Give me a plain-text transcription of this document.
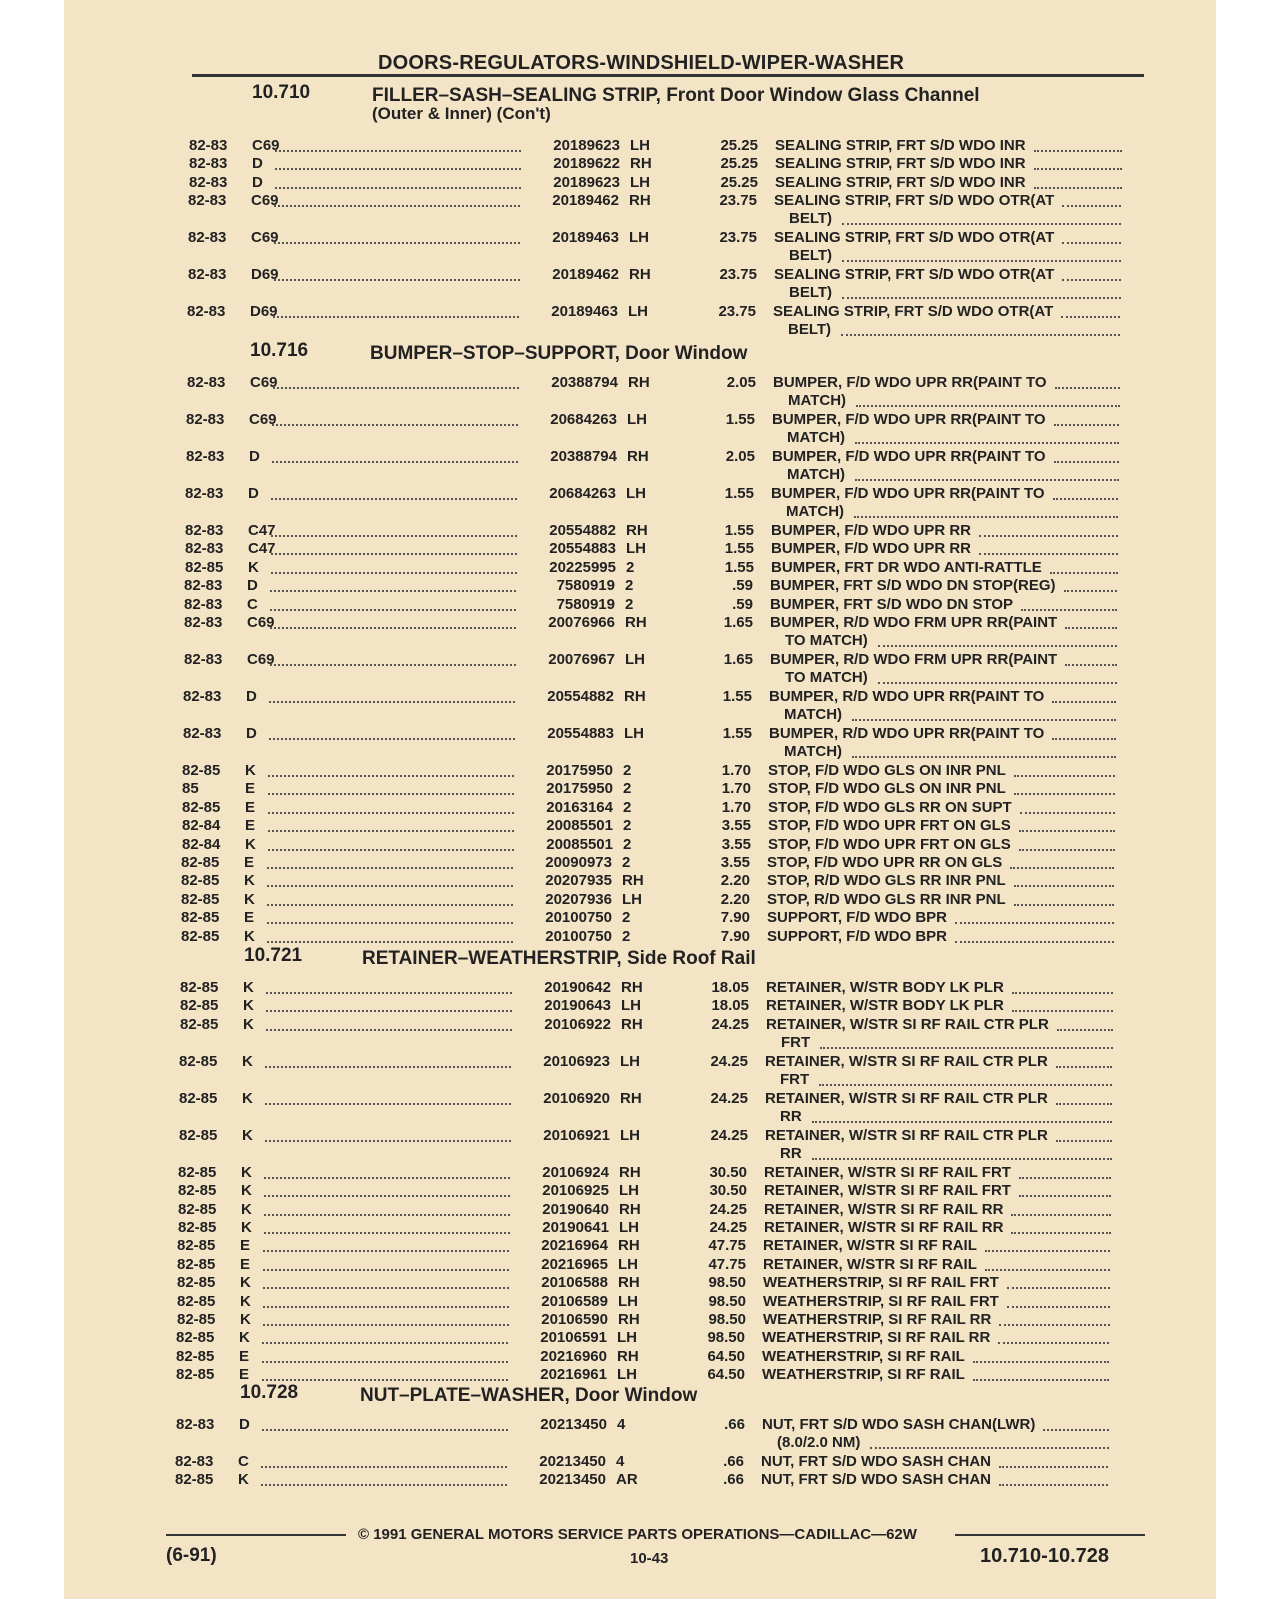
DOORS-REGULATORS-WINDSHIELD-WIPER-WASHER
10.710	FILLER–SASH–SEALING STRIP, Front Door Window Glass Channel
(Outer & Inner) (Con't)
10.716	BUMPER–STOP–SUPPORT, Door Window
10.721	RETAINER–WEATHERSTRIP, Side Roof Rail
10.728	NUT–PLATE–WASHER, Door Window
82-83 C69	20189623 LH	25.25 SEALING STRIP, FRT S/D WDO INR
82-83 D	20189622 RH	25.25 SEALING STRIP, FRT S/D WDO INR
82-83 D	20189623 LH	25.25 SEALING STRIP, FRT S/D WDO INR
82-83 C69	20189462 RH	23.75 SEALING STRIP, FRT S/D WDO OTR(AT
BELT)
82-83 C69	20189463 LH	23.75 SEALING STRIP, FRT S/D WDO OTR(AT
BELT)
82-83 D69	20189462 RH	23.75 SEALING STRIP, FRT S/D WDO OTR(AT
BELT)
82-83 D69	20189463 LH	23.75 SEALING STRIP, FRT S/D WDO OTR(AT
BELT)
82-83 C69	20388794 RH	2.05 BUMPER, F/D WDO UPR RR(PAINT TO
MATCH)
82-83 C69	20684263 LH	1.55 BUMPER, F/D WDO UPR RR(PAINT TO
MATCH)
82-83 D	20388794 RH	2.05 BUMPER, F/D WDO UPR RR(PAINT TO
MATCH)
82-83 D	20684263 LH	1.55 BUMPER, F/D WDO UPR RR(PAINT TO
MATCH)
82-83 C47	20554882 RH	1.55 BUMPER, F/D WDO UPR RR
82-83 C47	20554883 LH	1.55 BUMPER, F/D WDO UPR RR
82-85 K	20225995 2	1.55 BUMPER, FRT DR WDO ANTI-RATTLE
82-83 D	7580919 2	.59 BUMPER, FRT S/D WDO DN STOP(REG)
82-83 C	7580919 2	.59 BUMPER, FRT S/D WDO DN STOP
82-83 C69	20076966 RH	1.65 BUMPER, R/D WDO FRM UPR RR(PAINT
TO MATCH)
82-83 C69	20076967 LH	1.65 BUMPER, R/D WDO FRM UPR RR(PAINT
TO MATCH)
82-83 D	20554882 RH	1.55 BUMPER, R/D WDO UPR RR(PAINT TO
MATCH)
82-83 D	20554883 LH	1.55 BUMPER, R/D WDO UPR RR(PAINT TO
MATCH)
82-85 K	20175950 2	1.70 STOP, F/D WDO GLS ON INR PNL
85	E	20175950 2	1.70 STOP, F/D WDO GLS ON INR PNL
82-85 E	20163164 2	1.70 STOP, F/D WDO GLS RR ON SUPT
82-84 E	20085501 2	3.55 STOP, F/D WDO UPR FRT ON GLS
82-84 K	20085501 2	3.55 STOP, F/D WDO UPR FRT ON GLS
82-85 E	20090973 2	3.55 STOP, F/D WDO UPR RR ON GLS
82-85 K	20207935 RH	2.20 STOP, R/D WDO GLS RR INR PNL
82-85 K	20207936 LH	2.20 STOP, R/D WDO GLS RR INR PNL
82-85 E	20100750 2	7.90 SUPPORT, F/D WDO BPR
82-85 K	20100750 2	7.90 SUPPORT, F/D WDO BPR
82-85 K	20190642 RH	18.05 RETAINER, W/STR BODY LK PLR
82-85 K	20190643 LH	18.05 RETAINER, W/STR BODY LK PLR
82-85 K	20106922 RH	24.25 RETAINER, W/STR SI RF RAIL CTR PLR
FRT
82-85 K	20106923 LH	24.25 RETAINER, W/STR SI RF RAIL CTR PLR
FRT
82-85 K	20106920 RH	24.25 RETAINER, W/STR SI RF RAIL CTR PLR
RR
82-85 K	20106921 LH	24.25 RETAINER, W/STR SI RF RAIL CTR PLR
RR
82-85 K	20106924 RH	30.50 RETAINER, W/STR SI RF RAIL FRT
82-85 K	20106925 LH	30.50 RETAINER, W/STR SI RF RAIL FRT
82-85 K	20190640 RH	24.25 RETAINER, W/STR SI RF RAIL RR
82-85 K	20190641 LH	24.25 RETAINER, W/STR SI RF RAIL RR
82-85 E	20216964 RH	47.75 RETAINER, W/STR SI RF RAIL
82-85 E	20216965 LH	47.75 RETAINER, W/STR SI RF RAIL
82-85 K	20106588 RH	98.50 WEATHERSTRIP, SI RF RAIL FRT
82-85 K	20106589 LH	98.50 WEATHERSTRIP, SI RF RAIL FRT
82-85 K	20106590 RH	98.50 WEATHERSTRIP, SI RF RAIL RR
82-85 K	20106591 LH	98.50 WEATHERSTRIP, SI RF RAIL RR
82-85 E	20216960 RH	64.50 WEATHERSTRIP, SI RF RAIL
82-85 E	20216961 LH	64.50 WEATHERSTRIP, SI RF RAIL
82-83 D	20213450 4	.66 NUT, FRT S/D WDO SASH CHAN(LWR)
(8.0/2.0 NM)
82-83 C	20213450 4	.66 NUT, FRT S/D WDO SASH CHAN
82-85 K	20213450 AR	.66 NUT, FRT S/D WDO SASH CHAN
© 1991 GENERAL MOTORS SERVICE PARTS OPERATIONS—CADILLAC—62W
(6-91)	10-43	10.710-10.728
